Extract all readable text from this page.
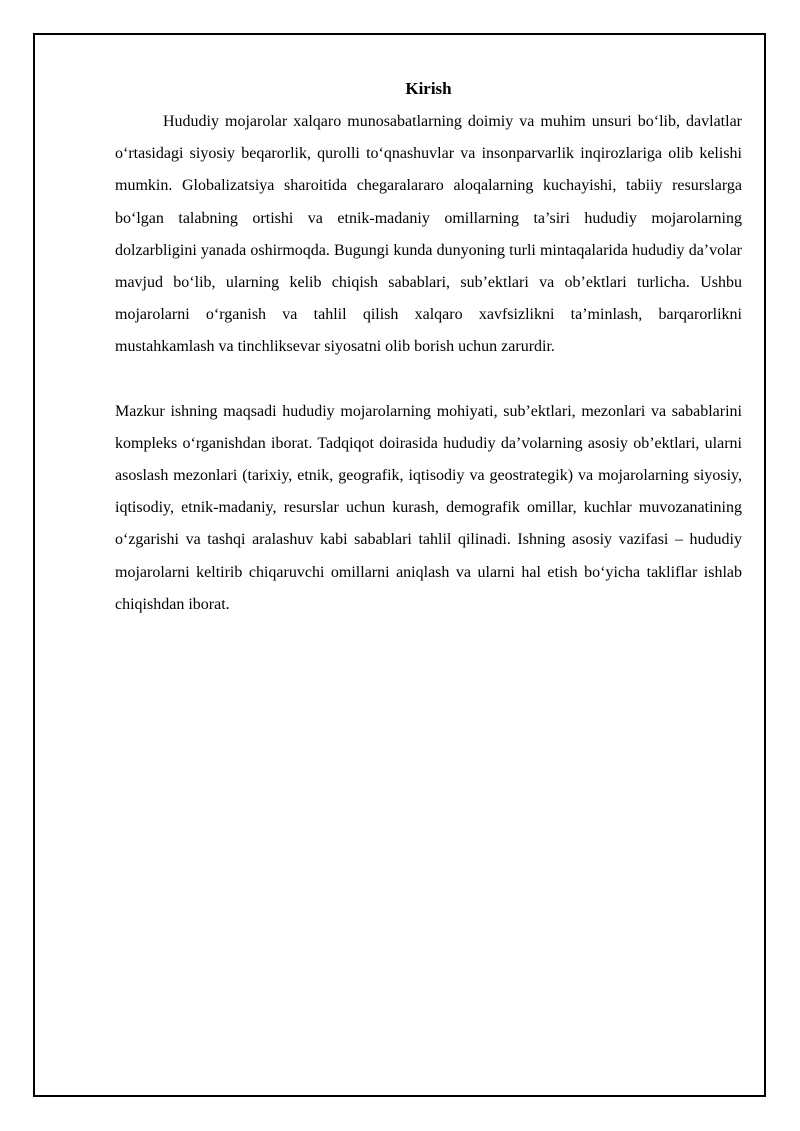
Kirish

Hududiy mojarolar xalqaro munosabatlarning doimiy va muhim unsuri bo‘lib, davlatlar o‘rtasidagi siyosiy beqarorlik, qurolli to‘qnashuvlar va insonparvarlik inqirozlariga olib kelishi mumkin. Globalizatsiya sharoitida chegaralararo aloqalarning kuchayishi, tabiiy resurslarga bo‘lgan talabning ortishi va etnik-madaniy omillarning ta’siri hududiy mojarolarning dolzarbligini yanada oshirmoqda. Bugungi kunda dunyoning turli mintaqalarida hududiy da’volar mavjud bo‘lib, ularning kelib chiqish sabablari, sub’ektlari va ob’ektlari turlicha. Ushbu mojarolarni o‘rganish va tahlil qilish xalqaro xavfsizlikni ta’minlash, barqarorlikni mustahkamlash va tinchliksevar siyosatni olib borish uchun zarurdir.

Mazkur ishning maqsadi hududiy mojarolarning mohiyati, sub’ektlari, mezonlari va sabablarini kompleks o‘rganishdan iborat. Tadqiqot doirasida hududiy da’volarning asosiy ob’ektlari, ularni asoslash mezonlari (tarixiy, etnik, geografik, iqtisodiy va geostrategik) va mojarolarning siyosiy, iqtisodiy, etnik-madaniy, resurslar uchun kurash, demografik omillar, kuchlar muvozanatining o‘zgarishi va tashqi aralashuv kabi sabablari tahlil qilinadi. Ishning asosiy vazifasi – hududiy mojarolarni keltirib chiqaruvchi omillarni aniqlash va ularni hal etish bo‘yicha takliflar ishlab chiqishdan iborat.
